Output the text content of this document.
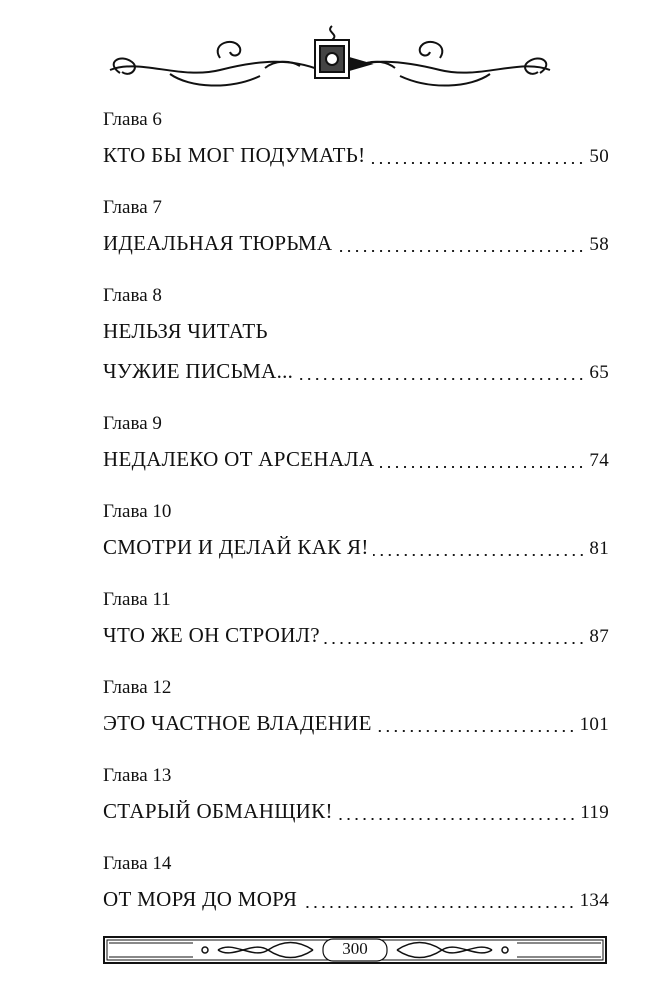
Глава 6
КТО БЫ МОГ ПОДУМАТЬ!	50
Глава 7
ИДЕАЛЬНАЯ ТЮРЬМА	58
Глава 8
НЕЛЬЗЯ ЧИТАТЬ
ЧУЖИЕ ПИСЬМА...	65
Глава 9
НЕДАЛЕКО ОТ АРСЕНАЛА	74
Глава 10
СМОТРИ И ДЕЛАЙ КАК Я!	81
Глава 11
ЧТО ЖЕ ОН СТРОИЛ?	87
Глава 12
ЭТО ЧАСТНОЕ ВЛАДЕНИЕ	101
Глава 13
СТАРЫЙ ОБМАНЩИК!	119
Глава 14
ОТ МОРЯ ДО МОРЯ	134
300
